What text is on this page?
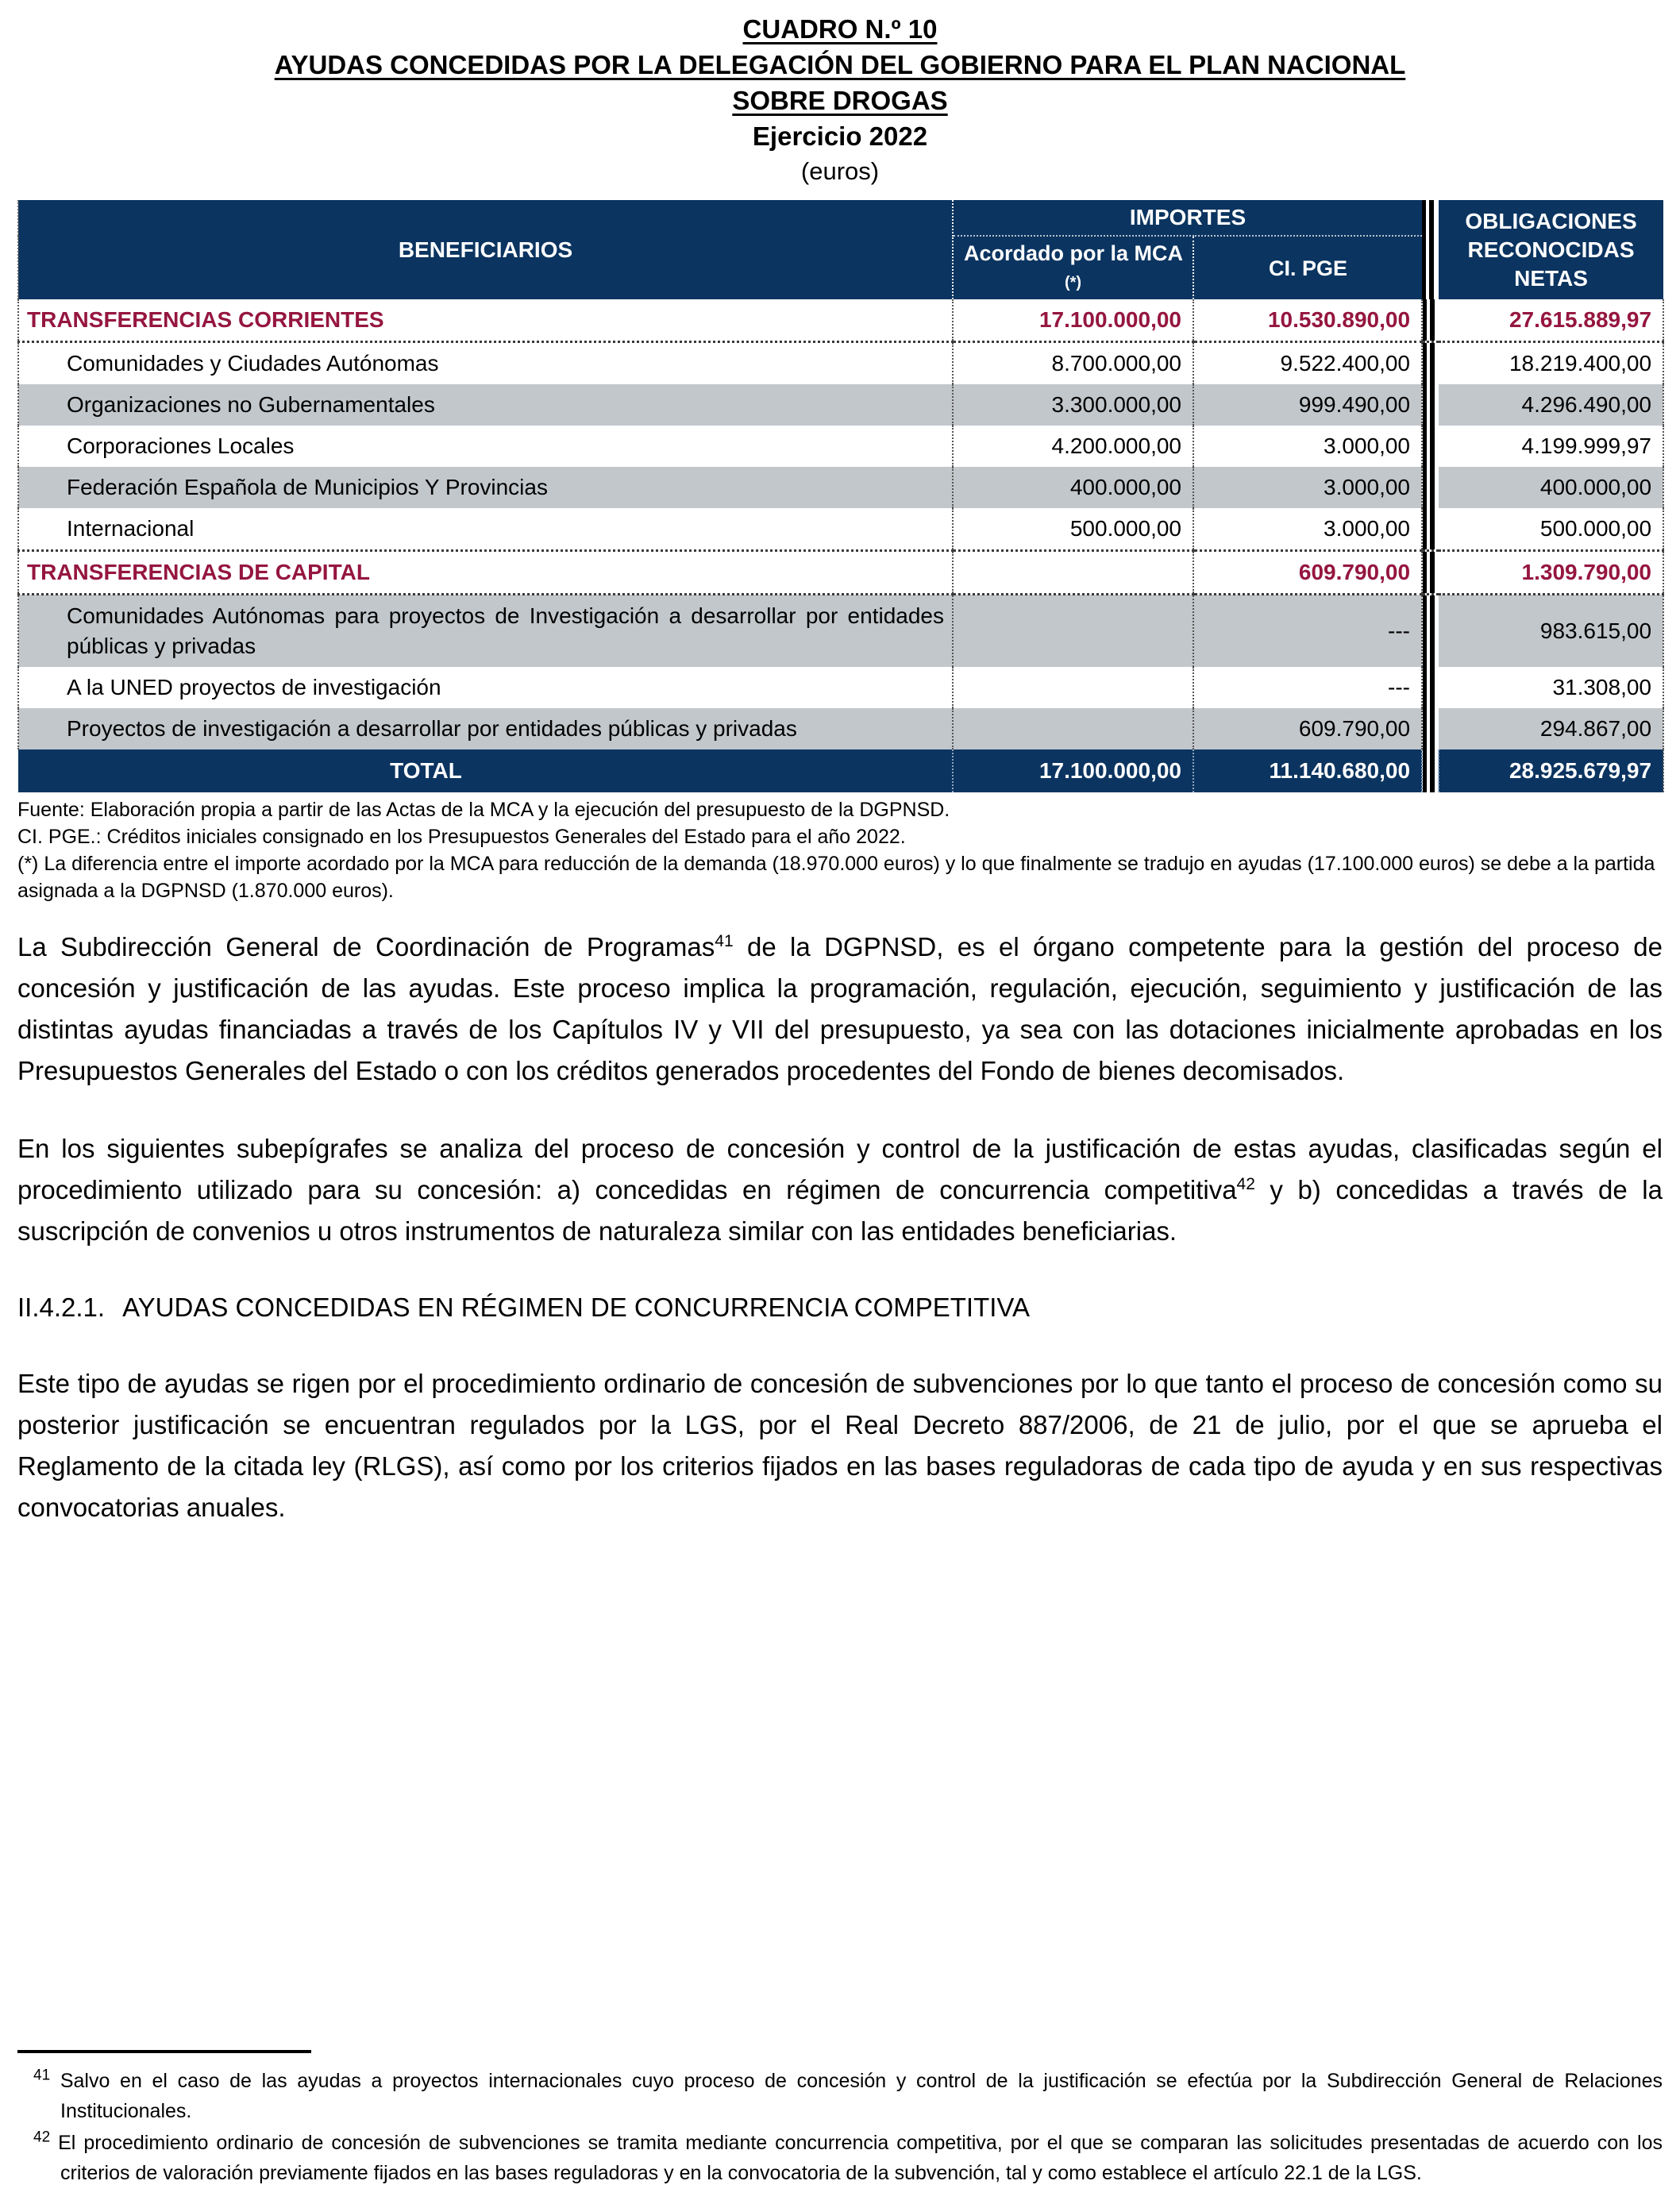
CUADRO N.º 10
AYUDAS CONCEDIDAS POR LA DELEGACIÓN DEL GOBIERNO PARA EL PLAN NACIONAL
SOBRE DROGAS
Ejercicio 2022
(euros)
BENEFICIARIOS	IMPORTES			OBLIGACIONES RECONOCIDAS NETAS
	Acordado por la MCA (*)	CI. PGE		
TRANSFERENCIAS CORRIENTES	17.100.000,00	10.530.890,00		27.615.889,97
Comunidades y Ciudades Autónomas	8.700.000,00	9.522.400,00		18.219.400,00
Organizaciones no Gubernamentales	3.300.000,00	999.490,00		4.296.490,00
Corporaciones Locales	4.200.000,00	3.000,00		4.199.999,97
Federación Española de Municipios Y Provincias	400.000,00	3.000,00		400.000,00
Internacional	500.000,00	3.000,00		500.000,00
TRANSFERENCIAS DE CAPITAL		609.790,00		1.309.790,00
Comunidades Autónomas para proyectos de Investigación a desarrollar por entidades públicas y privadas		---		983.615,00
A la UNED proyectos de investigación		---		31.308,00
Proyectos de investigación a desarrollar por entidades públicas y privadas		609.790,00		294.867,00
TOTAL	17.100.000,00	11.140.680,00		28.925.679,97
Fuente: Elaboración propia a partir de las Actas de la MCA y la ejecución del presupuesto de la DGPNSD.
CI. PGE.: Créditos iniciales consignado en los Presupuestos Generales del Estado para el año 2022.
(*) La diferencia entre el importe acordado por la MCA para reducción de la demanda (18.970.000 euros) y lo que finalmente se tradujo en ayudas (17.100.000 euros) se debe a la partida asignada a la DGPNSD (1.870.000 euros).

La Subdirección General de Coordinación de Programas$^{41}$ de la DGPNSD, es el órgano competente para la gestión del proceso de concesión y justificación de las ayudas. Este proceso implica la programación, regulación, ejecución, seguimiento y justificación de las distintas ayudas financiadas a través de los Capítulos IV y VII del presupuesto, ya sea con las dotaciones inicialmente aprobadas en los Presupuestos Generales del Estado o con los créditos generados procedentes del Fondo de bienes decomisados.

En los siguientes subepígrafes se analiza del proceso de concesión y control de la justificación de estas ayudas, clasificadas según el procedimiento utilizado para su concesión: a) concedidas en régimen de concurrencia competitiva$^{42}$ y b) concedidas a través de la suscripción de convenios u otros instrumentos de naturaleza similar con las entidades beneficiarias.

II.4.2.1. AYUDAS CONCEDIDAS EN RÉGIMEN DE CONCURRENCIA COMPETITIVA

Este tipo de ayudas se rigen por el procedimiento ordinario de concesión de subvenciones por lo que tanto el proceso de concesión como su posterior justificación se encuentran regulados por la LGS, por el Real Decreto 887/2006, de 21 de julio, por el que se aprueba el Reglamento de la citada ley (RLGS), así como por los criterios fijados en las bases reguladoras de cada tipo de ayuda y en sus respectivas convocatorias anuales.

$^{41}$ Salvo en el caso de las ayudas a proyectos internacionales cuyo proceso de concesión y control de la justificación se efectúa por la Subdirección General de Relaciones Institucionales.
$^{42}$ El procedimiento ordinario de concesión de subvenciones se tramita mediante concurrencia competitiva, por el que se comparan las solicitudes presentadas de acuerdo con los criterios de valoración previamente fijados en las bases reguladoras y en la convocatoria de la subvención, tal y como establece el artículo 22.1 de la LGS.
